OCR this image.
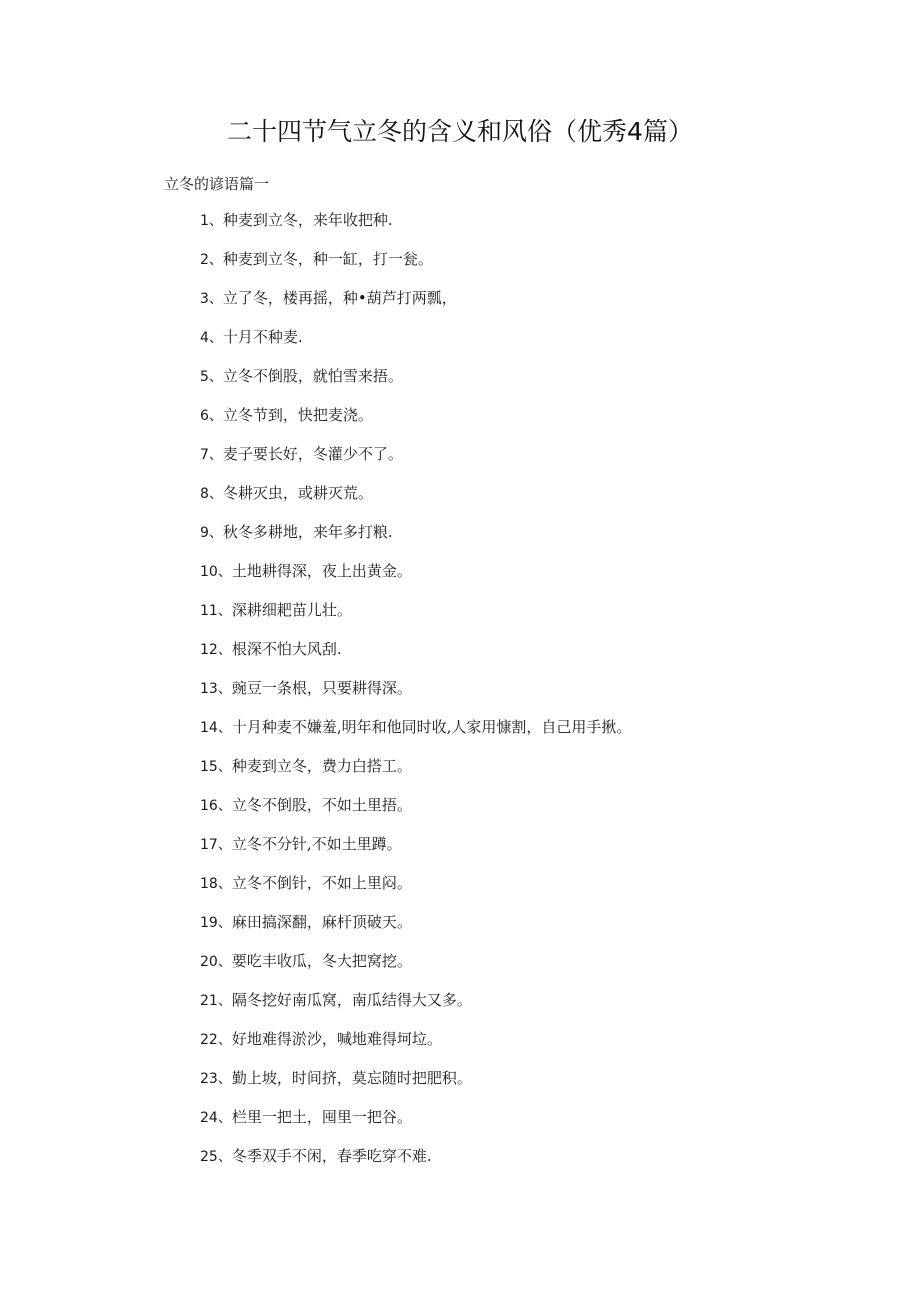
二十四节气立冬的含义和风俗（优秀4篇）

立冬的谚语篇一

1、种麦到立冬，来年收把种.
2、种麦到立冬，种一缸，打一瓮。
3、立了冬，楼再摇，种•葫芦打两瓢，
4、十月不种麦.
5、立冬不倒股，就怕雪来捂。
6、立冬节到，快把麦浇。
7、麦子要长好，冬灌少不了。
8、冬耕灭虫，或耕灭荒。
9、秋冬多耕地，来年多打粮.
10、土地耕得深，夜上出黄金。
11、深耕细耙苗儿壮。
12、根深不怕大风刮.
13、豌豆一条根，只要耕得深。
14、十月种麦不嫌羞,明年和他同时收,人家用慷割，自己用手揪。
15、种麦到立冬，费力白搭工。
16、立冬不倒股，不如土里捂。
17、立冬不分针,不如土里蹲。
18、立冬不倒针，不如上里闷。
19、麻田搞深翻，麻杆顶破天。
20、要吃丰收瓜，冬大把窝挖。
21、隔冬挖好南瓜窝，南瓜结得大又多。
22、好地难得淤沙，喊地难得坷垃。
23、勤上坡，时间挤，莫忘随时把肥积。
24、栏里一把土，囤里一把谷。
25、冬季双手不闲，春季吃穿不难.
